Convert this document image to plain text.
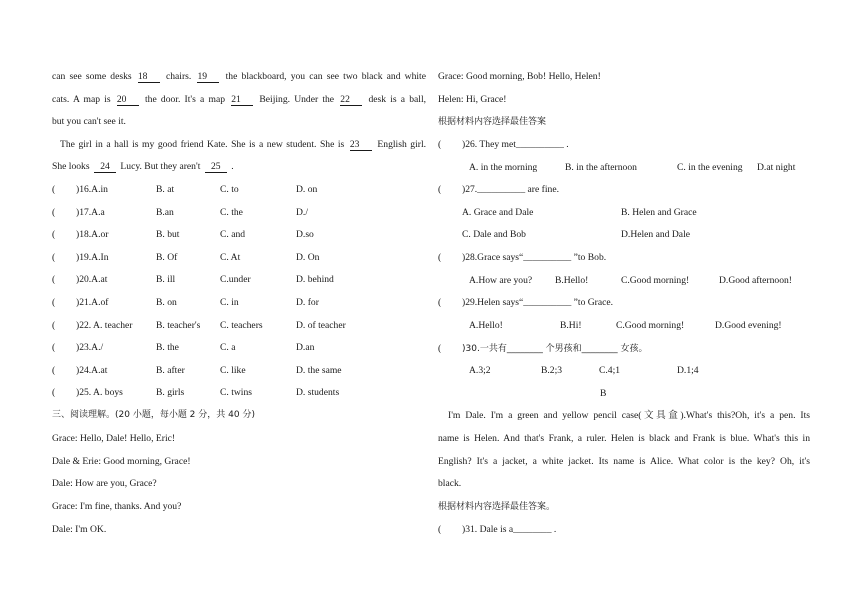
can see some desks 18 chairs. 19 the blackboard, you can see two black and white
cats. A map is 20 the door. It's a map 21 Beijing. Under the 22 desk is a ball,
but you can't see it.
The girl in a hall is my good friend Kate. She is a new student. She is 23 English girl.
She looks 24 Lucy. But they aren't 25 .
( )16.A.in	B. at	C. to	D. on
( )17.A.a	B.an	C. the	D./
( )18.A.or	B. but	C. and	D.so
( )19.A.In	B. Of	C. At	D. On
( )20.A.at	B. ill	C.under	D. behind
( )21.A.of	B. on	C. in	D. for
( )22. A. teacher B. teacher's C. teachers	D. of teacher
( )23.A./	B. the	C. a	D.an
( )24.A.at	B. after	C. like	D. the same
( )25. A. boys	B. girls	C. twins	D. students
三、阅读理解。(20 小题，每小题 2 分，共 40 分)
Grace: Hello, Dale! Hello, Eric!
Dale & Erie: Good morning, Grace!
Dale: How are you, Grace?
Grace: I'm fine, thanks. And you?
Dale: I'm OK.
Grace: Good morning, Bob! Hello, Helen!
Helen: Hi, Grace!
根据材料内容选择最佳答案
( )26. They met__________ .
A. in the morning	B. in the afternoon	C. in the evening D.at night
( )27.__________ are fine.
A. Grace and Dale	B. Helen and Grace
C. Dale and Bob	D.Helen and Dale
( )28.Grace says“__________ ”to Bob.
A.How are you? B.Hello!	C.Good morning!	D.Good afternoon!
( )29.Helen says“__________ ”to Grace.
A.Hello!	B.Hi!	C.Good morning!	D.Good evening!
( )30.一共有________ 个男孩和________ 女孩。
A.3;2	B.2;3	C.4;1	D.1;4
B
I'm Dale. I'm a green and yellow pencil case(文具盒).What's this?Oh, it's a pen. Its
name is Helen. And that's Frank, a ruler. Helen is black and Frank is blue. What's this in
English? It's a jacket, a white jacket. Its name is Alice. What color is the key? Oh, it's
black.
根据材料内容选择最佳答案。
( )31. Dale is a________ .
